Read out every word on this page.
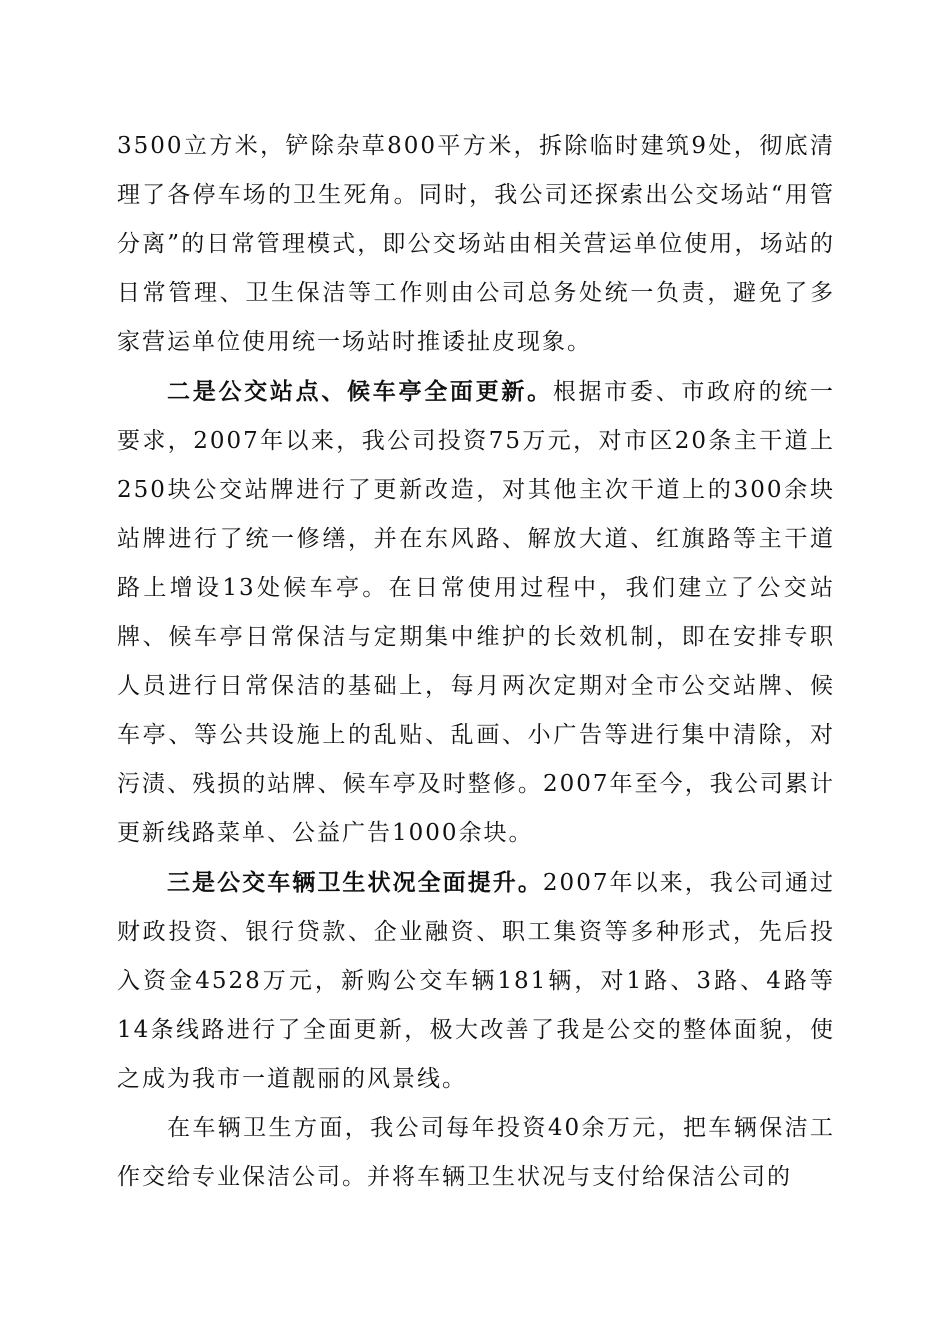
3500立方米，铲除杂草800平方米，拆除临时建筑9处，彻底清理了各停车场的卫生死角。同时，我公司还探索出公交场站“用管分离”的日常管理模式，即公交场站由相关营运单位使用，场站的日常管理、卫生保洁等工作则由公司总务处统一负责，避免了多家营运单位使用统一场站时推诿扯皮现象。

二是公交站点、候车亭全面更新。根据市委、市政府的统一要求，2007年以来，我公司投资75万元，对市区20条主干道上250块公交站牌进行了更新改造，对其他主次干道上的300余块站牌进行了统一修缮，并在东风路、解放大道、红旗路等主干道路上增设13处候车亭。在日常使用过程中，我们建立了公交站牌、候车亭日常保洁与定期集中维护的长效机制，即在安排专职人员进行日常保洁的基础上，每月两次定期对全市公交站牌、候车亭、等公共设施上的乱贴、乱画、小广告等进行集中清除，对污渍、残损的站牌、候车亭及时整修。2007年至今，我公司累计更新线路菜单、公益广告1000余块。

三是公交车辆卫生状况全面提升。2007年以来，我公司通过财政投资、银行贷款、企业融资、职工集资等多种形式，先后投入资金4528万元，新购公交车辆181辆，对1路、3路、4路等14条线路进行了全面更新，极大改善了我是公交的整体面貌，使之成为我市一道靓丽的风景线。

在车辆卫生方面，我公司每年投资40余万元，把车辆保洁工作交给专业保洁公司。并将车辆卫生状况与支付给保洁公司的
